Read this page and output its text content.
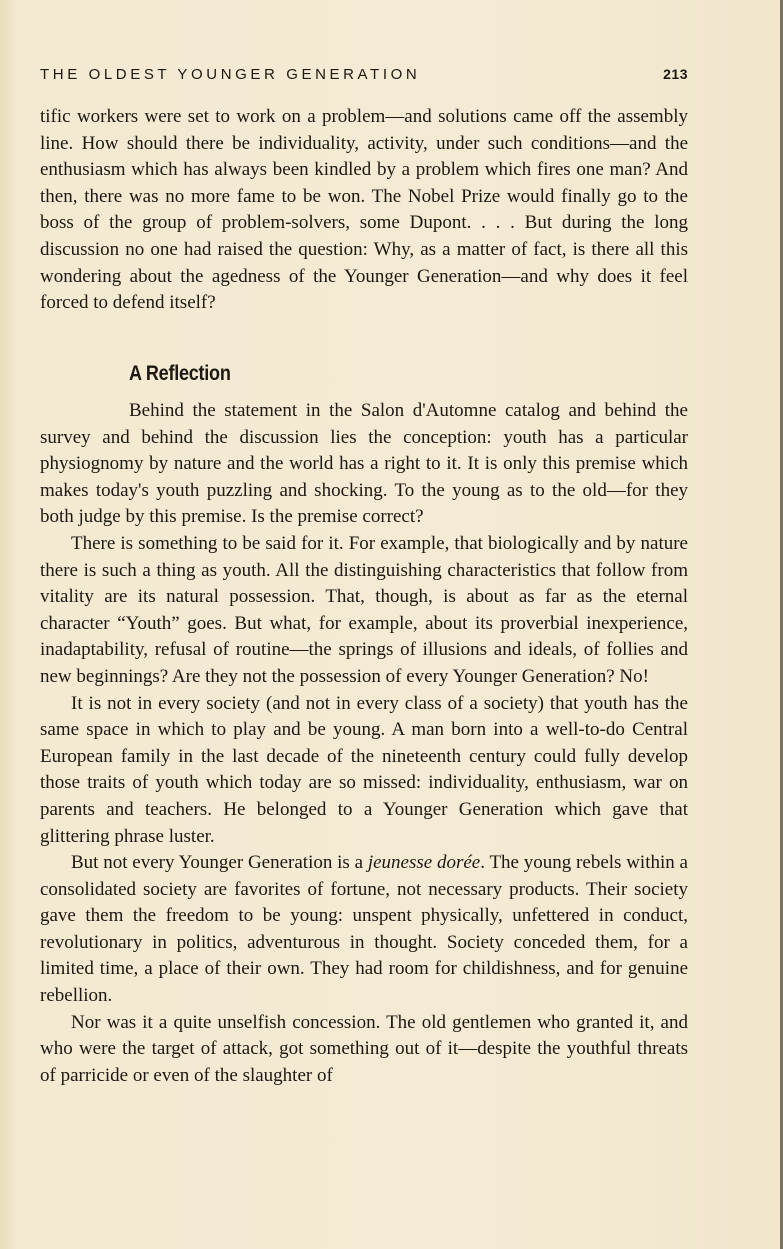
THE OLDEST YOUNGER GENERATION	213

tific workers were set to work on a problem—and solutions came off the assembly line. How should there be individuality, activity, under such conditions—and the enthusiasm which has always been kindled by a problem which fires one man? And then, there was no more fame to be won. The Nobel Prize would finally go to the boss of the group of problem-solvers, some Dupont. . . . But during the long discussion no one had raised the question: Why, as a matter of fact, is there all this wondering about the agedness of the Younger Generation—and why does it feel forced to defend itself?

A Reflection

Behind the statement in the Salon d'Automne catalog and behind the survey and behind the discussion lies the conception: youth has a particular physiognomy by nature and the world has a right to it. It is only this premise which makes today's youth puzzling and shocking. To the young as to the old—for they both judge by this premise. Is the premise correct?

There is something to be said for it. For example, that biologically and by nature there is such a thing as youth. All the distinguishing characteristics that follow from vitality are its natural possession. That, though, is about as far as the eternal character “Youth” goes. But what, for example, about its proverbial inexperience, inadaptability, refusal of routine—the springs of illusions and ideals, of follies and new beginnings? Are they not the possession of every Younger Generation? No!

It is not in every society (and not in every class of a society) that youth has the same space in which to play and be young. A man born into a well-to-do Central European family in the last decade of the nineteenth century could fully develop those traits of youth which today are so missed: individuality, enthusiasm, war on parents and teachers. He belonged to a Younger Generation which gave that glittering phrase luster.

But not every Younger Generation is a jeunesse dorée. The young rebels within a consolidated society are favorites of fortune, not necessary products. Their society gave them the freedom to be young: unspent physically, unfettered in conduct, revolutionary in politics, adventurous in thought. Society conceded them, for a limited time, a place of their own. They had room for childishness, and for genuine rebellion.

Nor was it a quite unselfish concession. The old gentlemen who granted it, and who were the target of attack, got something out of it—despite the youthful threats of parricide or even of the slaughter of
